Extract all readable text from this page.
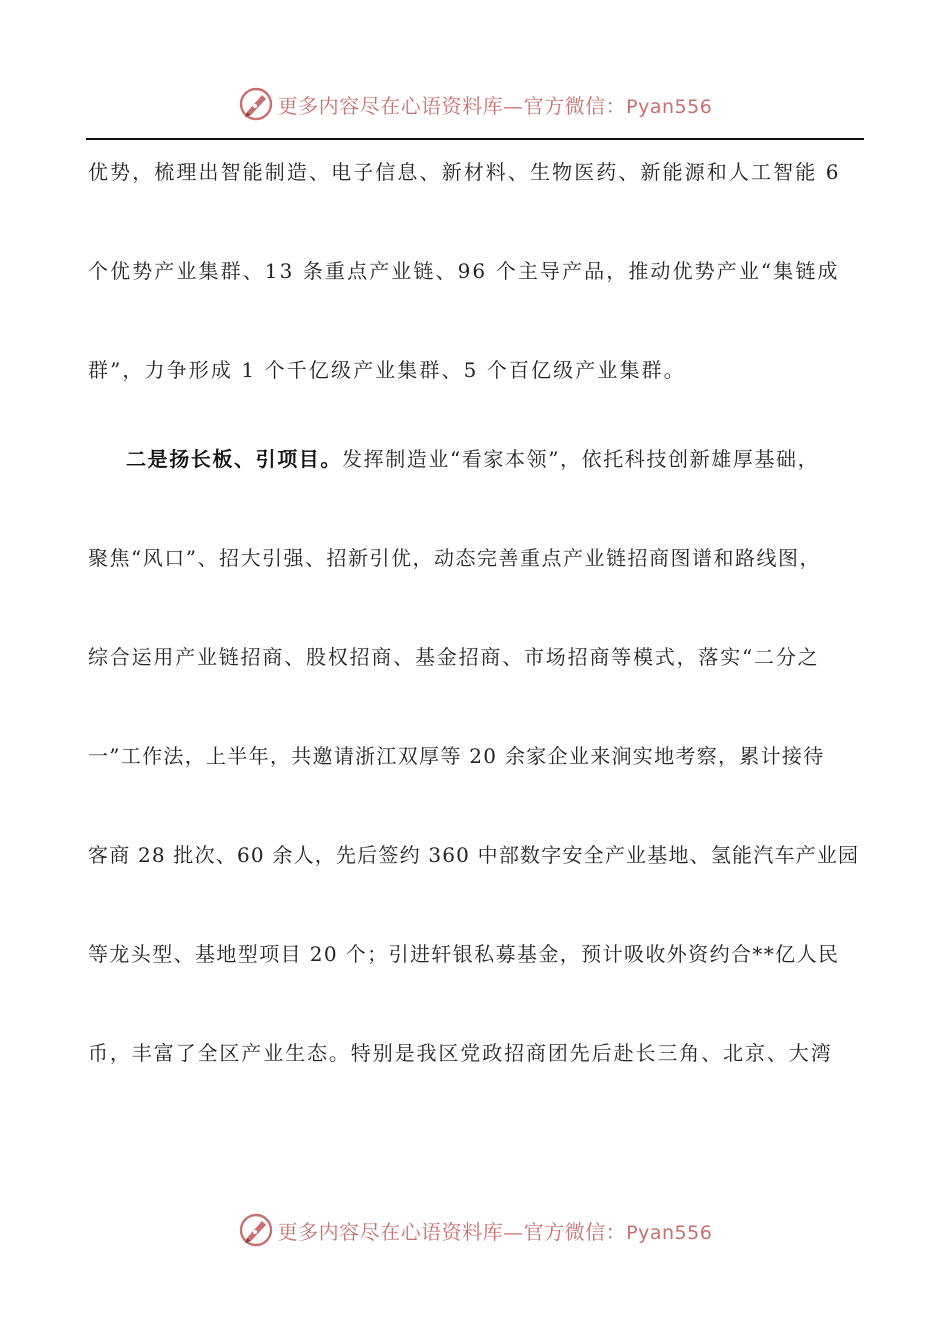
更多内容尽在心语资料库—官方微信：Pyan556
优势，梳理出智能制造、电子信息、新材料、生物医药、新能源和人工智能 6
个优势产业集群、13 条重点产业链、96 个主导产品，推动优势产业“集链成
群”，力争形成 1 个千亿级产业集群、5 个百亿级产业集群。
二是扬长板、引项目。发挥制造业“看家本领”，依托科技创新雄厚基础，
聚焦“风口”、招大引强、招新引优，动态完善重点产业链招商图谱和路线图，
综合运用产业链招商、股权招商、基金招商、市场招商等模式，落实“二分之
一”工作法，上半年，共邀请浙江双厚等 20 余家企业来涧实地考察，累计接待
客商 28 批次、60 余人，先后签约 360 中部数字安全产业基地、氢能汽车产业园
等龙头型、基地型项目 20 个；引进轩银私募基金，预计吸收外资约合**亿人民
币，丰富了全区产业生态。特别是我区党政招商团先后赴长三角、北京、大湾
更多内容尽在心语资料库—官方微信：Pyan556
